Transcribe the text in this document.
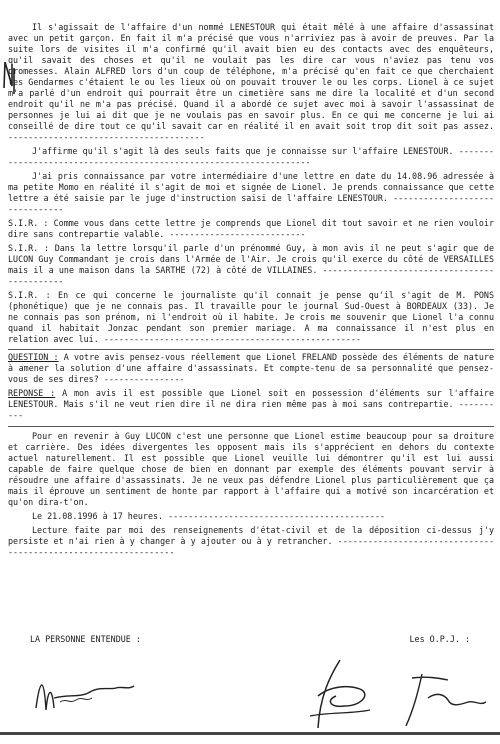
Il s'agissait de l'affaire d'un nommé LENESTOUR qui était mêlé à une affaire d'assassinat avec un petit garçon. En fait il m'a précisé que vous n'arriviez pas à avoir de preuves. Par la suite lors de visites il m'a confirmé qu'il avait bien eu des contacts avec des enquêteurs, qu'il savait des choses et qu'il ne voulait pas les dire car vous n'aviez pas tenu vos promesses. Alain ALFRED lors d'un coup de téléphone, m'a précisé qu'en fait ce que cherchaient les Gendarmes c'étaient le ou les lieux où on pouvait trouver le ou les corps. Lionel à ce sujet m'a parlé d'un endroit qui pourrait être un cimetière sans me dire la localité et d'un second endroit qu'il ne m'a pas précisé. Quand il a abordé ce sujet avec moi à savoir l'assassinat de personnes je lui ai dit que je ne voulais pas en savoir plus. En ce qui me concerne je lui ai conseillé de dire tout ce qu'il savait car en réalité il en avait soit trop dit soit pas assez. ---------------------------------------

J'affirme qu'il s'agit là des seuls faits que je connaisse sur l'affaire LENESTOUR. -------------------------------------------------------------------

J'ai pris connaissance par votre intermédiaire d'une lettre en date du 14.08.96 adressée à ma petite Momo en réalité il s'agit de moi et signée de Lionel. Je prends connaissance que cette lettre a été saisie par le juge d'instruction saisi de l'affaire LENESTOUR. -------------------------------

S.I.R. : Comme vous dans cette lettre je comprends que Lionel dit tout savoir et ne rien vouloir dire sans contrepartie valable. ---------------------------

S.I.R. : Dans la lettre lorsqu'il parle d'un prénommé Guy, à mon avis il ne peut s'agir que de LUCON Guy Commandant je crois dans l'Armée de l'Air. Je crois qu'il exerce du côté de VERSAILLES mais il a une maison dans la SARTHE (72) à côté de VILLAINES. ---------------------------------------------

S.I.R. : En ce qui concerne le journaliste qu'il connait je pense qu'il s'agit de M. PONS (phonétique) que je ne connais pas. Il travaille pour le journal Sud-Ouest à BORDEAUX (33). Je ne connais pas son prénom, ni l'endroit où il habite. Je crois me souvenir que Lionel l'a connu quand il habitait Jonzac pendant son premier mariage. A ma connaissance il n'est plus en relation avec lui. ---------------------------------------------------

QUESTION : A votre avis pensez-vous réellement que Lionel FRELAND possède des éléments de nature à amener la solution d'une affaire d'assassinats. Et compte-tenu de sa personnalité que pensez-vous de ses dires? ----------------

REPONSE : A mon avis il est possible que Lionel soit en possession d'éléments sur l'affaire LENESTOUR. Mais s'il ne veut rien dire il ne dira rien même pas à moi sans contrepartie. ----------

Pour en revenir à Guy LUCON c'est une personne que Lionel estime beaucoup pour sa droiture et carrière. Des idées divergentes les opposent mais ils s'apprécient en dehors du contexte actuel naturellement. Il est possible que Lionel veuille lui démontrer qu'il est lui aussi capable de faire quelque chose de bien en donnant par exemple des éléments pouvant servir à résoudre une affaire d'assassinats. Je ne veux pas défendre Lionel plus particulièrement que ça mais il éprouve un sentiment de honte par rapport à l'affaire qui a motivé son incarcération et qu'on dira-t'on.

Le 21.08.1996 à 17 heures. -------------------------------------------

Lecture faite par moi des renseignements d'état-civil et de la déposition ci-dessus j'y persiste et n'ai rien à y changer à y ajouter ou à y retrancher. ----------------------------------------------------------------

LA PERSONNE ENTENDUE :	Les O.P.J. :
